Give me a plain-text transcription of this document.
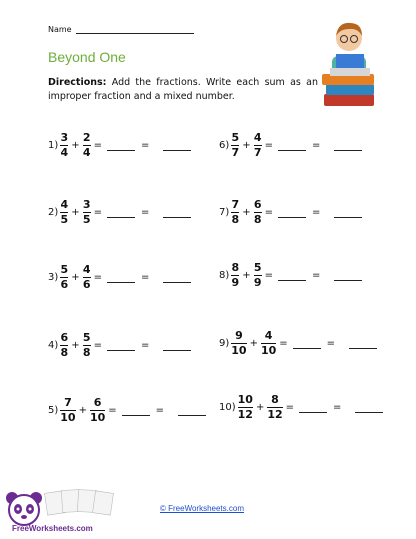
Name
Beyond One
Directions: Add the fractions. Write each sum as an improper fraction and a mixed number.
$1) \frac{3}{4} + \frac{2}{4}$ =	=
$2) \frac{4}{5} + \frac{3}{5}$ =	=
$3) \frac{5}{6} + \frac{4}{6}$ =	=
$4) \frac{6}{8} + \frac{5}{8}$ =	=
$5) \frac{7}{10} + \frac{6}{10}$ =	=
$6) \frac{5}{7} + \frac{4}{7}$ =	=
$7) \frac{7}{8} + \frac{6}{8}$ =	=
$8) \frac{8}{9} + \frac{5}{9}$ =	=
$9) \frac{9}{10} + \frac{4}{10}$ =	=
$10) \frac{10}{12} + \frac{8}{12}$ =	=
FreeWorksheets.com
© FreeWorksheets.com
